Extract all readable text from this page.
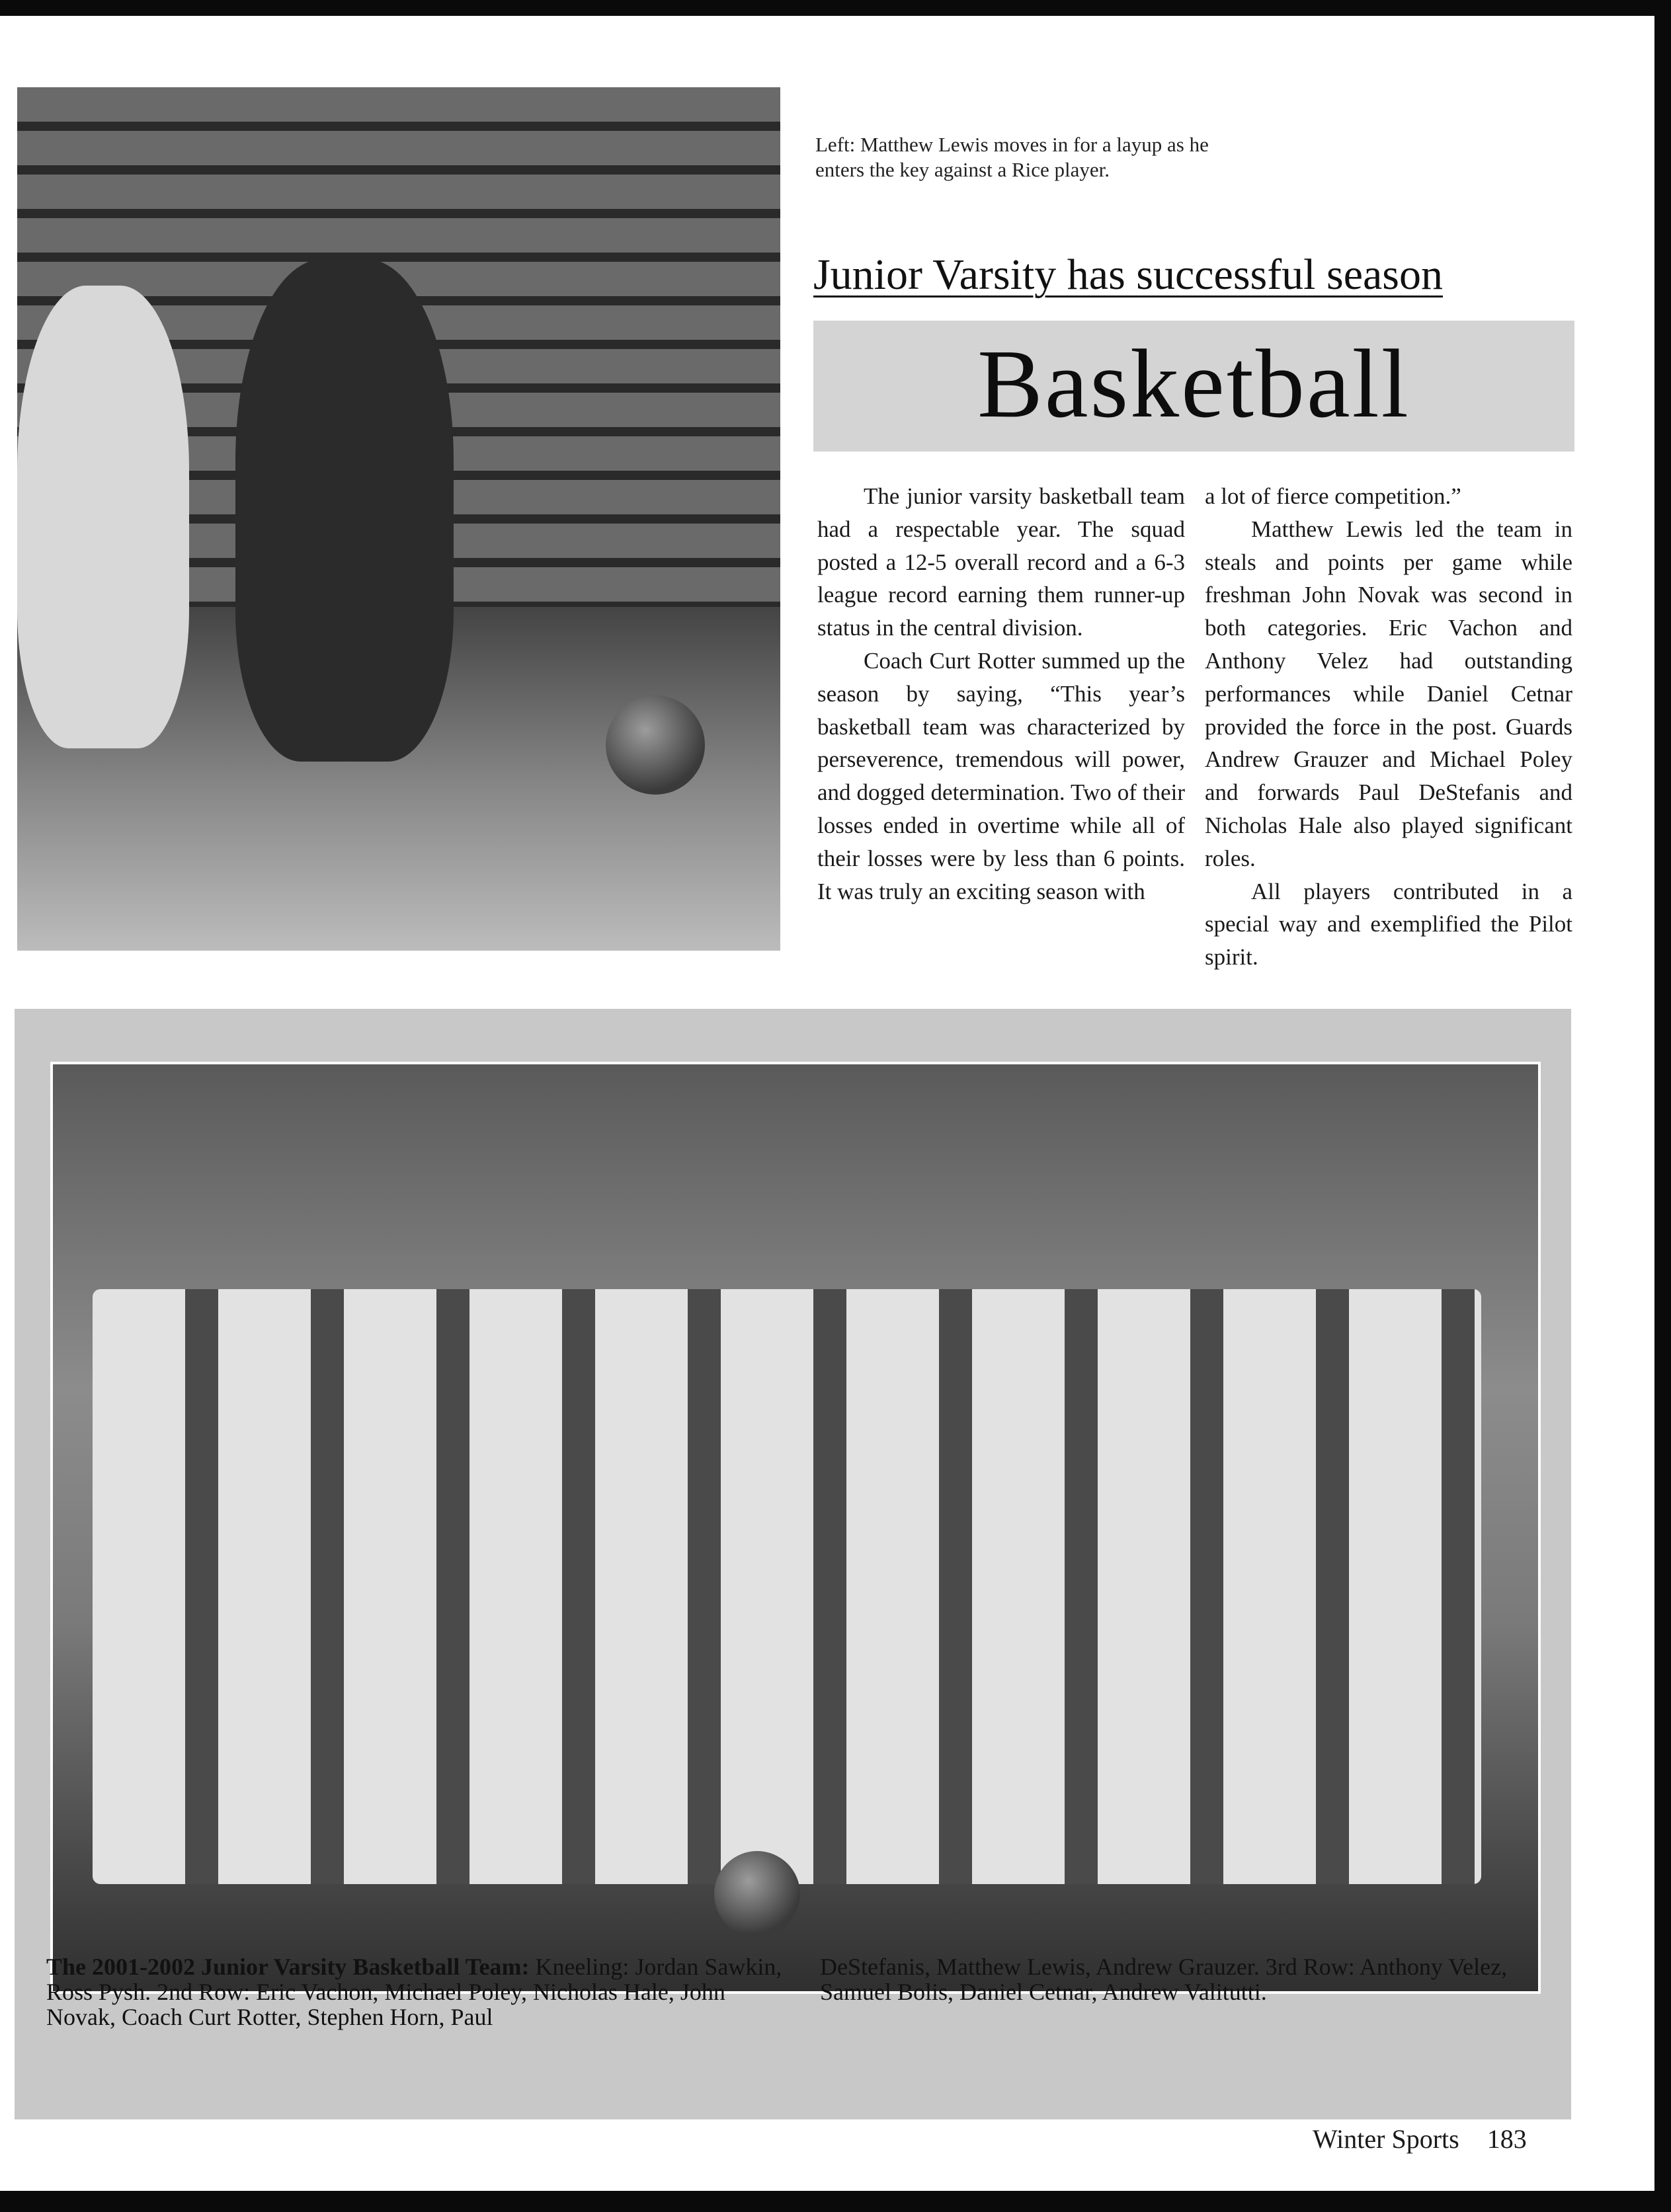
Left: Matthew Lewis moves in for a layup as he enters the key against a Rice player.
Junior Varsity has successful season
Basketball

The junior varsity basketball team had a respectable year. The squad posted a 12-5 overall record and a 6-3 league record earning them runner-up status in the central division.

Coach Curt Rotter summed up the season by saying, “This year’s basketball team was characterized by perseverence, tremendous will power, and dogged determination. Two of their losses ended in overtime while all of their losses were by less than 6 points. It was truly an exciting season with

a lot of fierce competition.”

Matthew Lewis led the team in steals and points per game while freshman John Novak was second in both categories. Eric Vachon and Anthony Velez had outstanding performances while Daniel Cetnar provided the force in the post. Guards Andrew Grauzer and Michael Poley and forwards Paul DeStefanis and Nicholas Hale also played significant roles.

All players contributed in a special way and exemplified the Pilot spirit.

The 2001-2002 Junior Varsity Basketball Team: Kneeling: Jordan Sawkin, Ross Pysh. 2nd Row: Eric Vachon, Michael Poley, Nicholas Hale, John Novak, Coach Curt Rotter, Stephen Horn, Paul
DeStefanis, Matthew Lewis, Andrew Grauzer. 3rd Row: Anthony Velez, Samuel Bolis, Daniel Cetnar, Andrew Valitutti.
Winter Sports 183
